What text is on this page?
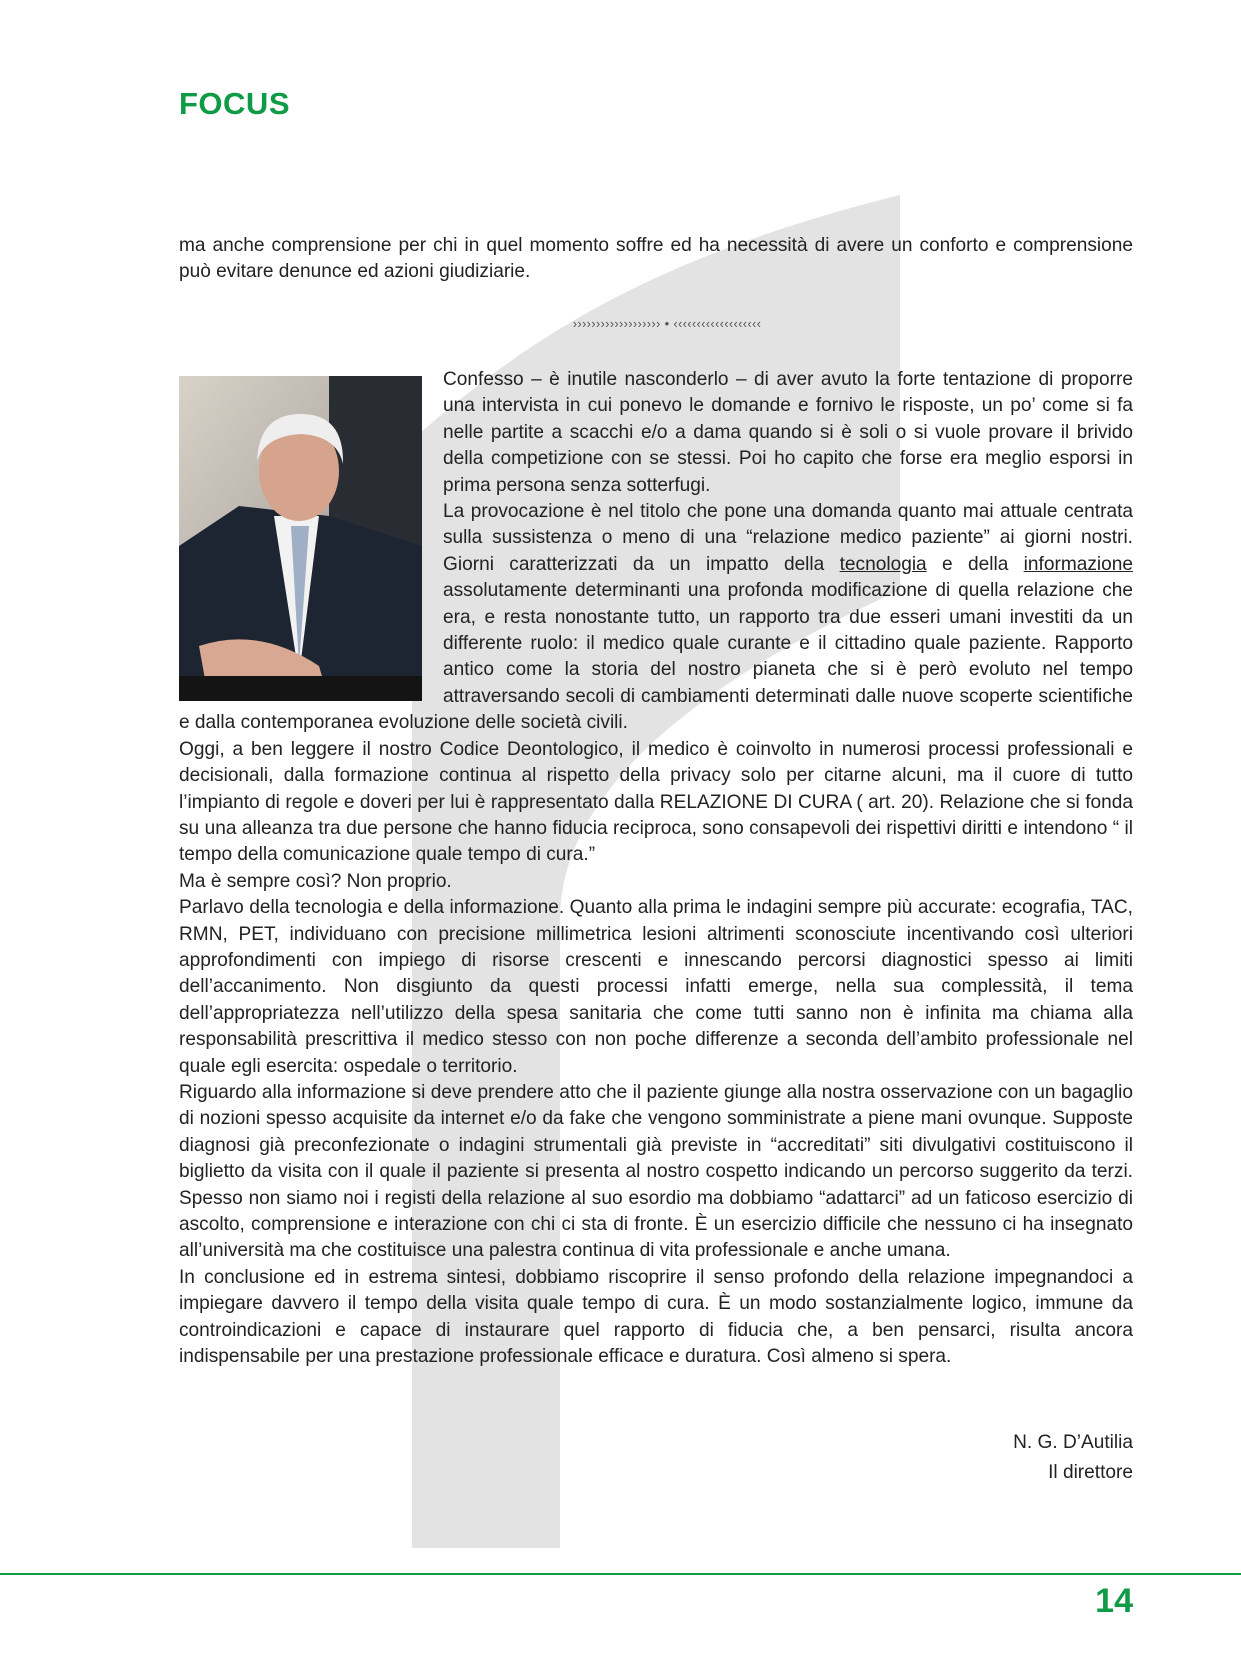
FOCUS

ma anche comprensione per chi in quel momento soffre ed ha necessità di avere un conforto e comprensione può evitare denunce ed azioni giudiziarie.

››››››››››››››››››› • ‹‹‹‹‹‹‹‹‹‹‹‹‹‹‹‹‹‹‹

Confesso – è inutile nasconderlo – di aver avuto la forte tentazione di proporre una intervista in cui ponevo le domande e fornivo le risposte, un po’ come si fa nelle partite a scacchi e/o a dama quando si è soli o si vuole provare il brivido della competizione con se stessi. Poi ho capito che forse era meglio esporsi in prima persona senza sotterfugi.

La provocazione è nel titolo che pone una domanda quanto mai attuale centrata sulla sussistenza o meno di una “relazione medico paziente” ai giorni nostri. Giorni caratterizzati da un impatto della tecnologia e della informazione assolutamente determinanti una profonda modificazione di quella relazione che era, e resta nonostante tutto, un rapporto tra due esseri umani investiti da un differente ruolo: il medico quale curante e il cittadino quale paziente. Rapporto antico come la storia del nostro pianeta che si è però evoluto nel tempo attraversando secoli di cambiamenti determinati dalle nuove scoperte scientifiche e dalla contemporanea evoluzione delle società civili.

Oggi, a ben leggere il nostro Codice Deontologico, il medico è coinvolto in numerosi processi professionali e decisionali, dalla formazione continua al rispetto della privacy solo per citarne alcuni, ma il cuore di tutto l’impianto di regole e doveri per lui è rappresentato dalla RELAZIONE DI CURA ( art. 20). Relazione che si fonda su una alleanza tra due persone che hanno fiducia reciproca, sono consapevoli dei rispettivi diritti e intendono “ il tempo della comunicazione quale tempo di cura.”

Ma è sempre così? Non proprio.

Parlavo della tecnologia e della informazione. Quanto alla prima le indagini sempre più accurate: ecografia, TAC, RMN, PET, individuano con precisione millimetrica lesioni altrimenti sconosciute incentivando così ulteriori approfondimenti con impiego di risorse crescenti e innescando percorsi diagnostici spesso ai limiti dell’accanimento. Non disgiunto da questi processi infatti emerge, nella sua complessità, il tema dell’appropriatezza nell’utilizzo della spesa sanitaria che come tutti sanno non è infinita ma chiama alla responsabilità prescrittiva il medico stesso con non poche differenze a seconda dell’ambito professionale nel quale egli esercita: ospedale o territorio.

Riguardo alla informazione si deve prendere atto che il paziente giunge alla nostra osservazione con un bagaglio di nozioni spesso acquisite da internet e/o da fake che vengono somministrate a piene mani ovunque. Supposte diagnosi già preconfezionate o indagini strumentali già previste in “accreditati” siti divulgativi costituiscono il biglietto da visita con il quale il paziente si presenta al nostro cospetto indicando un percorso suggerito da terzi. Spesso non siamo noi i registi della relazione al suo esordio ma dobbiamo “adattarci” ad un faticoso esercizio di ascolto, comprensione e interazione con chi ci sta di fronte. È un esercizio difficile che nessuno ci ha insegnato all’università ma che costituisce una palestra continua di vita professionale e anche umana.

In conclusione ed in estrema sintesi, dobbiamo riscoprire il senso profondo della relazione impegnandoci a impiegare davvero il tempo della visita quale tempo di cura. È un modo sostanzialmente logico, immune da controindicazioni e capace di instaurare quel rapporto di fiducia che, a ben pensarci, risulta ancora indispensabile per una prestazione professionale efficace e duratura. Così almeno si spera.

N. G. D’Autilia
Il direttore
14
